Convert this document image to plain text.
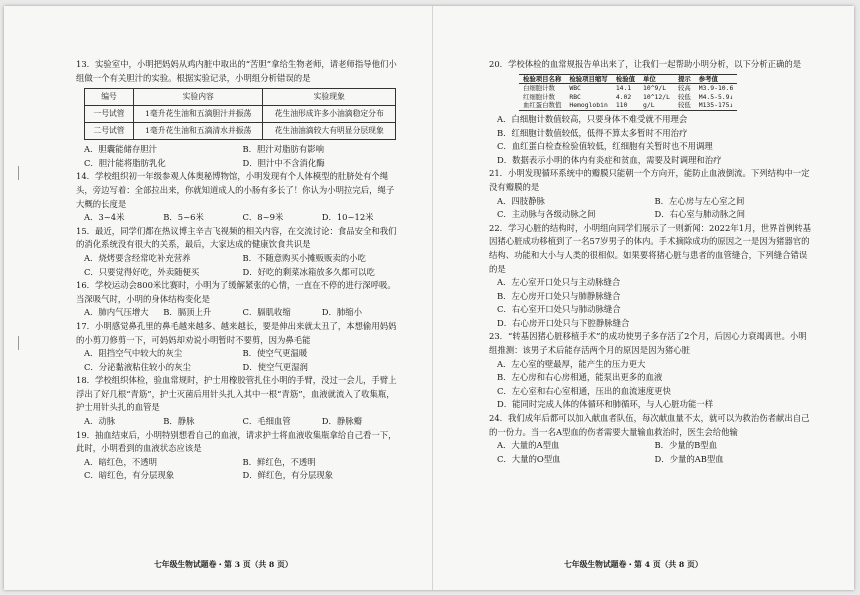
13．实验室中，小明把妈妈从鸡内脏中取出的“苦胆”拿给生物老师，请老师指导他们小组做一个有关胆汁的实验。根据实验记录，小明组分析错误的是
编号	实验内容	实验现象
一号试管	1毫升花生油和五滴胆汁并振荡	花生油形成许多小油滴稳定分布
二号试管	1毫升花生油和五滴清水并振荡	花生油油滴较大有明显分层现象
A．胆囊能储存胆汁	B．胆汁对脂肪有影响
C．胆汁能将脂肪乳化	D．胆汁中不含消化酶
14．学校组织初一年级参观人体奥秘博物馆，小明发现有个人体模型的肚脐处有个绳头，旁边写着：全部拉出来，你就知道成人的小肠有多长了！你认为小明拉完后，绳子大概的长度是
A．3~4米	B．5~6米	C．8~9米	D．10~12米
15．最近，同学们都在热议博主辛吉飞视频的相关内容，在交流讨论：食品安全和我们的消化系统没有很大的关系，最后，大家达成的健康饮食共识是
A．烧烤要含经常吃补充营养	B．不随意购买小摊贩贩卖的小吃
C．只要觉得好吃，外卖随便买	D．好吃的剩菜冰箱放多久都可以吃
16．学校运动会800米比赛时，小明为了缓解紧张的心情，一直在不停的进行深呼吸。当深吸气时，小明的身体结构变化是
A．肺内气压增大	B．膈顶上升	C．膈肌收缩	D．肺缩小
17．小明感觉鼻孔里的鼻毛越来越多、越来越长，要是伸出来就太丑了，本想偷用妈妈的小剪刀修剪一下，可妈妈却劝说小明暂时不要剪，因为鼻毛能
A．阻挡空气中较大的灰尘	B．使空气更温暖
C．分泌黏液粘住较小的灰尘	D．使空气更湿润
18．学校组织体检，验血常规时，护士用橡胶管扎住小明的手臂，没过一会儿，手臂上浮出了好几根“青筋”，护士灭菌后用针头扎入其中一根“青筋”，血液就流入了收集瓶，护士用针头扎的血管是
A．动脉	B．静脉	C．毛细血管	D．静脉瓣
19．抽血结束后，小明特别想看自己的血液，请求护士将血液收集瓶拿给自己看一下，此时，小明看到的血液状态应该是
A．暗红色，不透明	B．鲜红色，不透明
C．暗红色，有分层现象	D．鲜红色，有分层现象
七年级生物试题卷・第 3 页（共 8 页）
20．学校体检的血常规报告单出来了，让我们一起帮助小明分析，以下分析正确的是
检验项目名称	检验项目缩写	检验值	单位	提示	参考值
白细胞计数	WBC	14.1	10^9/L	较高	M3.9-10.6
红细胞计数	RBC	4.02	10^12/L	较低	M4.5-5.9↓
血红蛋白数值	Hemoglobin	110	g/L	较低	M135-175↓
A．白细胞计数值较高，只要身体不难受就不用理会
B．红细胞计数值较低，低得不算太多暂时不用治疗
C．血红蛋白检查检验值较低，红细胞有关暂时也不用调理
D．数据表示小明的体内有炎症和贫血，需要及时调理和治疗
21．小明发现循环系统中的瓣膜只能朝一个方向开，能防止血液倒流。下列结构中一定没有瓣膜的是
A．四肢静脉	B．左心房与左心室之间
C．主动脉与各级动脉之间	D．右心室与肺动脉之间
22．学习心脏的结构时，小明组向同学们展示了一则新闻：2022年1月，世界首例转基因猪心脏成功移植到了一名57岁男子的体内。手术摘除成功的原因之一是因为猪器官的结构、功能和大小与人类的很相似。如果要将猪心脏与患者的血管缝合，下列缝合错误的是
A．左心室开口处只与主动脉缝合
B．左心房开口处只与肺静脉缝合
C．右心室开口处只与肺动脉缝合
D．右心房开口处只与下腔静脉缝合
23．“转基因猪心脏移植手术”的成功使男子多存活了2个月，后因心力衰竭离世。小明组推测：该男子术后能存活两个月的原因是因为猪心脏
A．左心室的壁最厚，能产生的压力更大
B．左心房和右心房相通，能泵出更多的血液
C．左心室和右心室相通，压出的血流速度更快
D．能同时完成人体的体循环和肺循环，与人心脏功能一样
24．我们成年后都可以加入献血者队伍，每次献血量不太，就可以为救治伤者献出自己的一份力。当一名A型血的伤者需要大量输血救治时，医生会给他输
A．大量的A型血	B．少量的B型血
C．大量的O型血	D．少量的AB型血
七年级生物试题卷・第 4 页（共 8 页）
